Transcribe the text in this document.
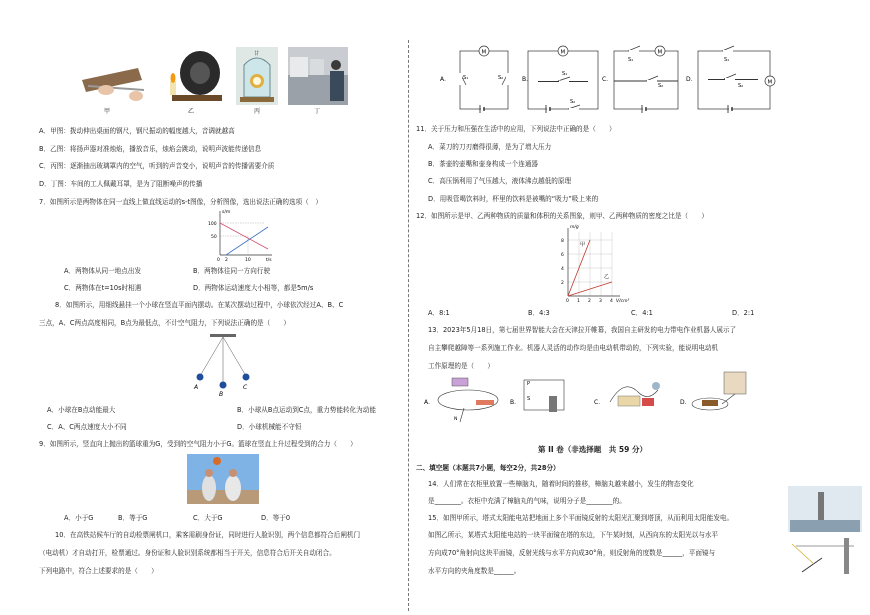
甲	乙
甘
丙	丁
A．甲图：拨动伸出桌面的钢尺，钢尺振动的幅度越大，音调就越高
B．乙图：将扬声器对准烛焰，播放音乐，烛焰会跳动，说明声波能传递信息
C．丙图：逐渐抽出玻璃罩内的空气，听到的声音变小，说明声音的传播需要介质
D．丁图：车间的工人佩戴耳罩，是为了阻断噪声的传播
7．如图所示是两物体在同一直线上做直线运动的s-t图像，分析图像，选出说法正确的选项（　）
s/m
t/s
100
50
0 2	10
A．两物体从同一地点出发	B．两物体往同一方向行驶
C．两物体在t=10s时相遇	D．两物体运动速度大小相等，都是5m/s
8．如图所示，用细线悬挂一个小球在竖直平面内摆动。在某次摆动过程中，小球依次经过A、B、C
三点，A、C两点高度相同，B点为最低点，不计空气阻力，下列说法正确的是（　　）
A
B
C
A．小球在B点动能最大	B．小球从B点运动到C点，重力势能转化为动能
C．A、C两点速度大小不同	D．小球机械能不守恒
9．如图所示，竖直向上抛出的篮球重为G，受到的空气阻力小于G。篮球在竖直上升过程受到的合力（　　）
A．小于G	B．等于G	C．大于G	D．等于0
10．在高铁站候车厅的自动检票闸机口，乘客需刷身份证，同时进行人脸识别，两个信息都符合后闸机门
（电动机）才自动打开，检票通过。身份证和人脸识别系统都相当于开关，信息符合后开关自动闭合。
下列电路中，符合上述要求的是（　　）
M
S₁	S₂
A．
M
S₁
S₂
B．
M
S₁
S₂
C．	M
S₁
S₂
D．
11．关于压力和压强在生活中的应用，下列说法中正确的是（　　）
A．菜刀的刀刃磨得很薄，是为了增大压力
B．茶壶的壶嘴和壶身构成一个连通器
C．高压锅利用了气压越大，液体沸点越低的原理
D．用吸管喝饮料时，杯里的饮料是被嘴的“吸力”吸上来的
12．如图所示是甲、乙两种物质的质量和体积的关系图象，则甲、乙两种物质的密度之比是（　　）
甲
乙
m/g
V/cm³
8
6
4
2
0 1 2 3 4
A．8:1	B．4:3	C．4:1	D．2:1
13．2023年5月18日，第七届世界智能大会在天津拉开帷幕，我国自主研发的电力带电作业机器人展示了
自主攀爬越障等一系列施工作业。机器人灵活的动作均是由电动机带动的，下列实验，能说明电动机
工作原理的是（　　）
A．
N
B．
P
S	C．	D．
第 II 卷（非选择题　共 59 分）
二、填空题（本题共7小题，每空2分，共28分）
14．人们常在衣柜里放置一些樟脑丸，随着时间的推移，樟脑丸越来越小，发生的物态变化
是________。衣柜中充满了樟脑丸的气味，说明分子是________的。
15．如图甲所示，塔式太阳能电站把地面上多个平面镜反射的太阳光汇聚到塔顶，从而利用太阳能发电。
如图乙所示，某塔式太阳能电站的一块平面镜在塔的东边，下午某时刻，从西向东的太阳光以与水平
方向成70°角射向这块平面镜，反射光线与水平方向成30°角，则反射角的度数是______，平面镜与
水平方向的夹角度数是______。
